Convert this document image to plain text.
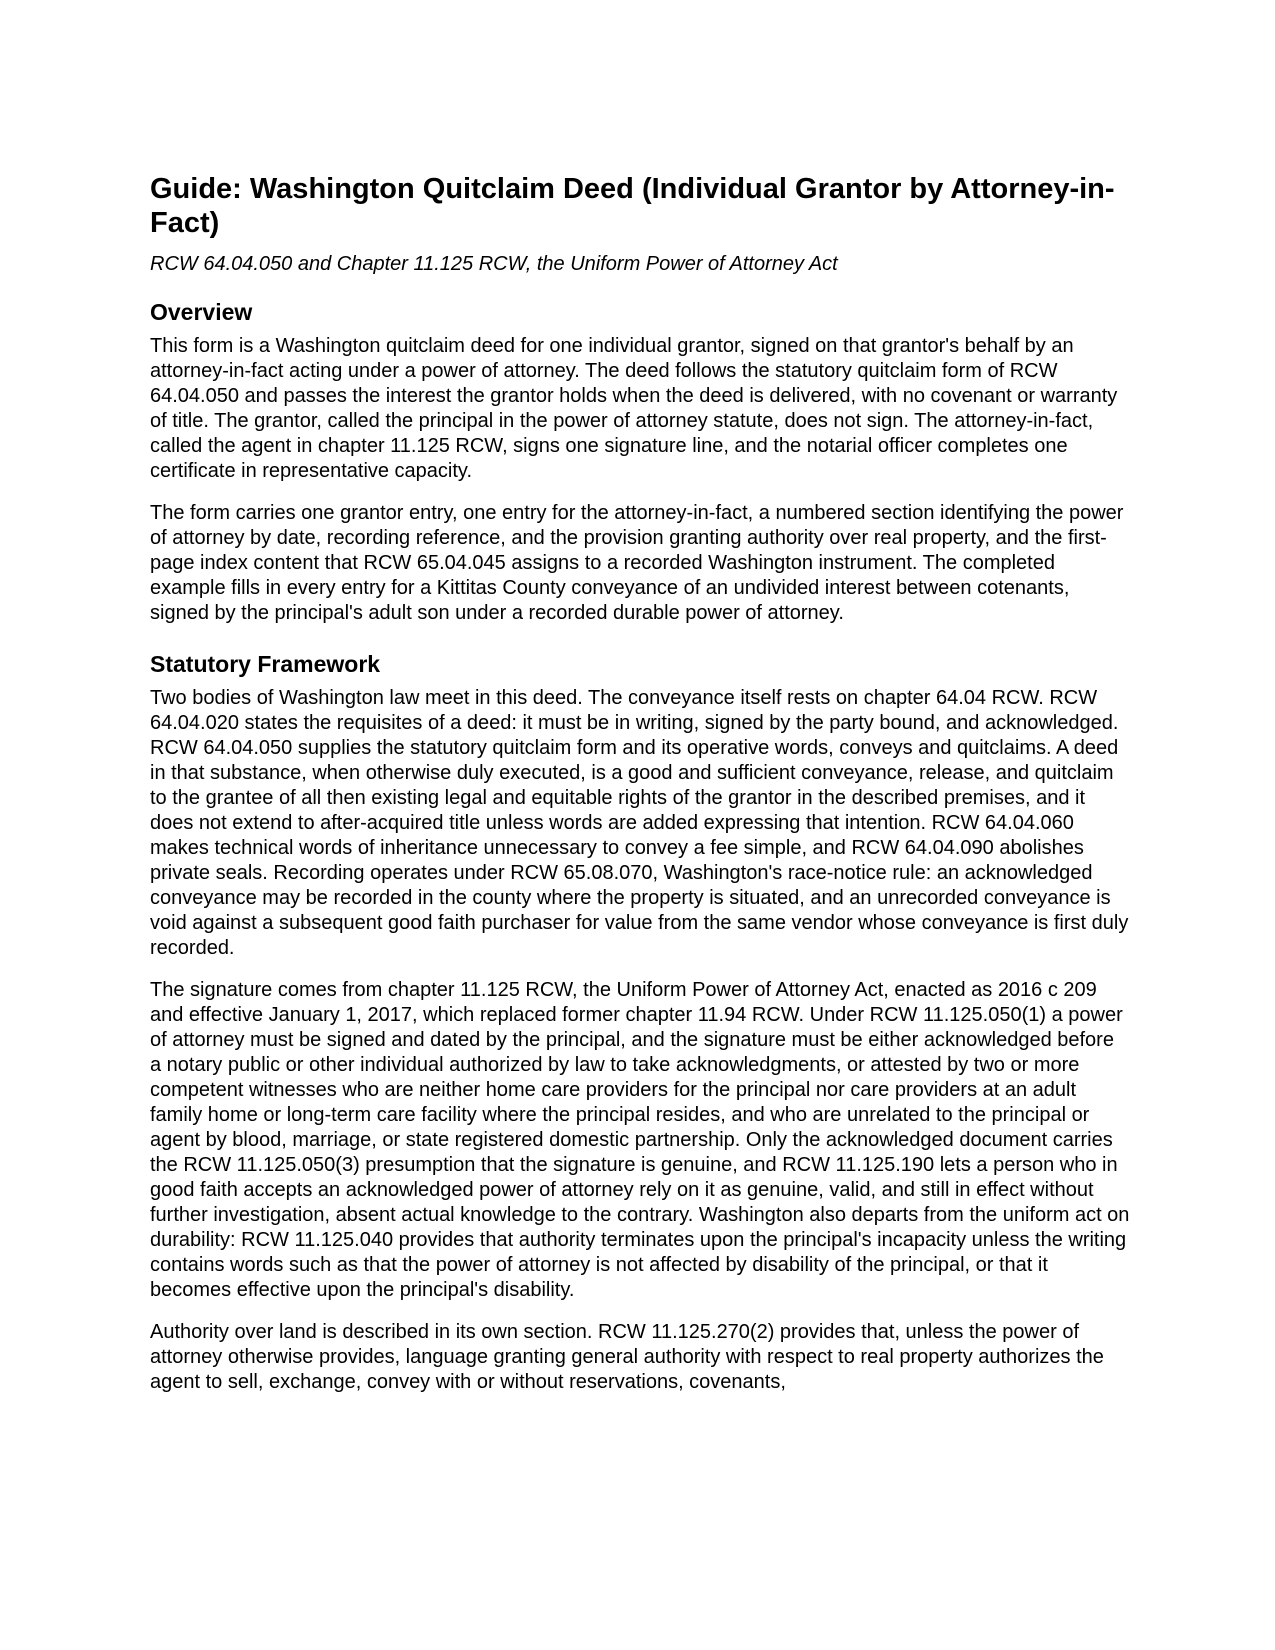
Guide: Washington Quitclaim Deed (Individual Grantor by Attorney-in-Fact)

RCW 64.04.050 and Chapter 11.125 RCW, the Uniform Power of Attorney Act

Overview

This form is a Washington quitclaim deed for one individual grantor, signed on that grantor's behalf by an attorney-in-fact acting under a power of attorney. The deed follows the statutory quitclaim form of RCW 64.04.050 and passes the interest the grantor holds when the deed is delivered, with no covenant or warranty of title. The grantor, called the principal in the power of attorney statute, does not sign. The attorney-in-fact, called the agent in chapter 11.125 RCW, signs one signature line, and the notarial officer completes one certificate in representative capacity.

The form carries one grantor entry, one entry for the attorney-in-fact, a numbered section identifying the power of attorney by date, recording reference, and the provision granting authority over real property, and the first-page index content that RCW 65.04.045 assigns to a recorded Washington instrument. The completed example fills in every entry for a Kittitas County conveyance of an undivided interest between cotenants, signed by the principal's adult son under a recorded durable power of attorney.

Statutory Framework

Two bodies of Washington law meet in this deed. The conveyance itself rests on chapter 64.04 RCW. RCW 64.04.020 states the requisites of a deed: it must be in writing, signed by the party bound, and acknowledged. RCW 64.04.050 supplies the statutory quitclaim form and its operative words, conveys and quitclaims. A deed in that substance, when otherwise duly executed, is a good and sufficient conveyance, release, and quitclaim to the grantee of all then existing legal and equitable rights of the grantor in the described premises, and it does not extend to after-acquired title unless words are added expressing that intention. RCW 64.04.060 makes technical words of inheritance unnecessary to convey a fee simple, and RCW 64.04.090 abolishes private seals. Recording operates under RCW 65.08.070, Washington's race-notice rule: an acknowledged conveyance may be recorded in the county where the property is situated, and an unrecorded conveyance is void against a subsequent good faith purchaser for value from the same vendor whose conveyance is first duly recorded.

The signature comes from chapter 11.125 RCW, the Uniform Power of Attorney Act, enacted as 2016 c 209 and effective January 1, 2017, which replaced former chapter 11.94 RCW. Under RCW 11.125.050(1) a power of attorney must be signed and dated by the principal, and the signature must be either acknowledged before a notary public or other individual authorized by law to take acknowledgments, or attested by two or more competent witnesses who are neither home care providers for the principal nor care providers at an adult family home or long-term care facility where the principal resides, and who are unrelated to the principal or agent by blood, marriage, or state registered domestic partnership. Only the acknowledged document carries the RCW 11.125.050(3) presumption that the signature is genuine, and RCW 11.125.190 lets a person who in good faith accepts an acknowledged power of attorney rely on it as genuine, valid, and still in effect without further investigation, absent actual knowledge to the contrary. Washington also departs from the uniform act on durability: RCW 11.125.040 provides that authority terminates upon the principal's incapacity unless the writing contains words such as that the power of attorney is not affected by disability of the principal, or that it becomes effective upon the principal's disability.

Authority over land is described in its own section. RCW 11.125.270(2) provides that, unless the power of attorney otherwise provides, language granting general authority with respect to real property authorizes the agent to sell, exchange, convey with or without reservations, covenants,
